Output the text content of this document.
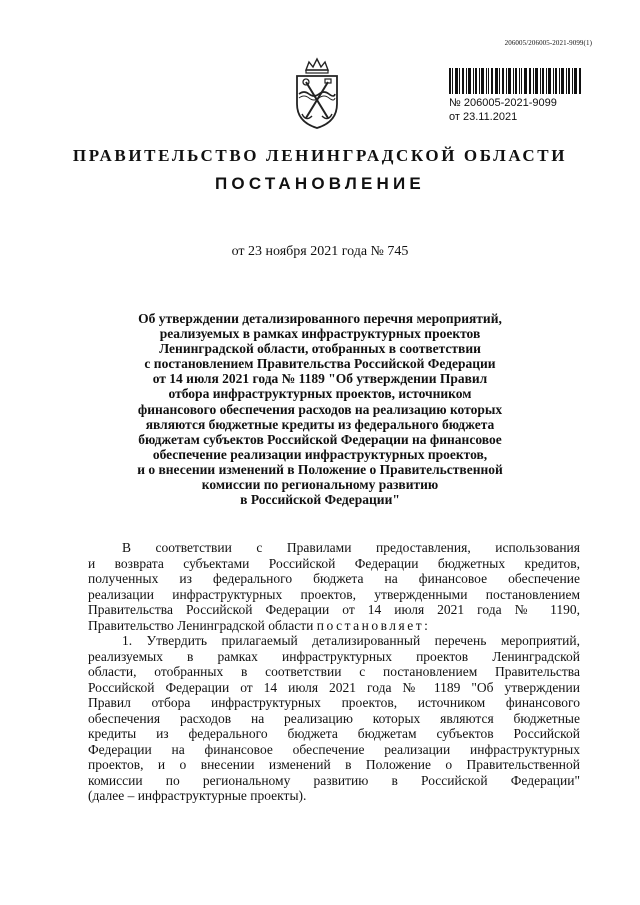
206005/206005-2021-9099(1)
№ 206005-2021-9099
от 23.11.2021
ПРАВИТЕЛЬСТВО ЛЕНИНГРАДСКОЙ ОБЛАСТИ
ПОСТАНОВЛЕНИЕ
от 23 ноября 2021 года № 745
Об утверждении детализированного перечня мероприятий,
реализуемых в рамках инфраструктурных проектов
Ленинградской области, отобранных в соответствии
с постановлением Правительства Российской Федерации
от 14 июля 2021 года № 1189 "Об утверждении Правил
отбора инфраструктурных проектов, источником
финансового обеспечения расходов на реализацию которых
являются бюджетные кредиты из федерального бюджета
бюджетам субъектов Российской Федерации на финансовое
обеспечение реализации инфраструктурных проектов,
и о внесении изменений в Положение о Правительственной
комиссии по региональному развитию
в Российской Федерации"
В соответствии с Правилами предоставления, использования
и возврата субъектами Российской Федерации бюджетных кредитов,
полученных из федерального бюджета на финансовое обеспечение
реализации инфраструктурных проектов, утвержденными постановлением
Правительства Российской Федерации от 14 июля 2021 года № 1190,
Правительство Ленинградской области постановляет:
1. Утвердить прилагаемый детализированный перечень мероприятий,
реализуемых в рамках инфраструктурных проектов Ленинградской
области, отобранных в соответствии с постановлением Правительства
Российской Федерации от 14 июля 2021 года № 1189 "Об утверждении
Правил отбора инфраструктурных проектов, источником финансового
обеспечения расходов на реализацию которых являются бюджетные
кредиты из федерального бюджета бюджетам субъектов Российской
Федерации на финансовое обеспечение реализации инфраструктурных
проектов, и о внесении изменений в Положение о Правительственной
комиссии по региональному развитию в Российской Федерации"
(далее – инфраструктурные проекты).
